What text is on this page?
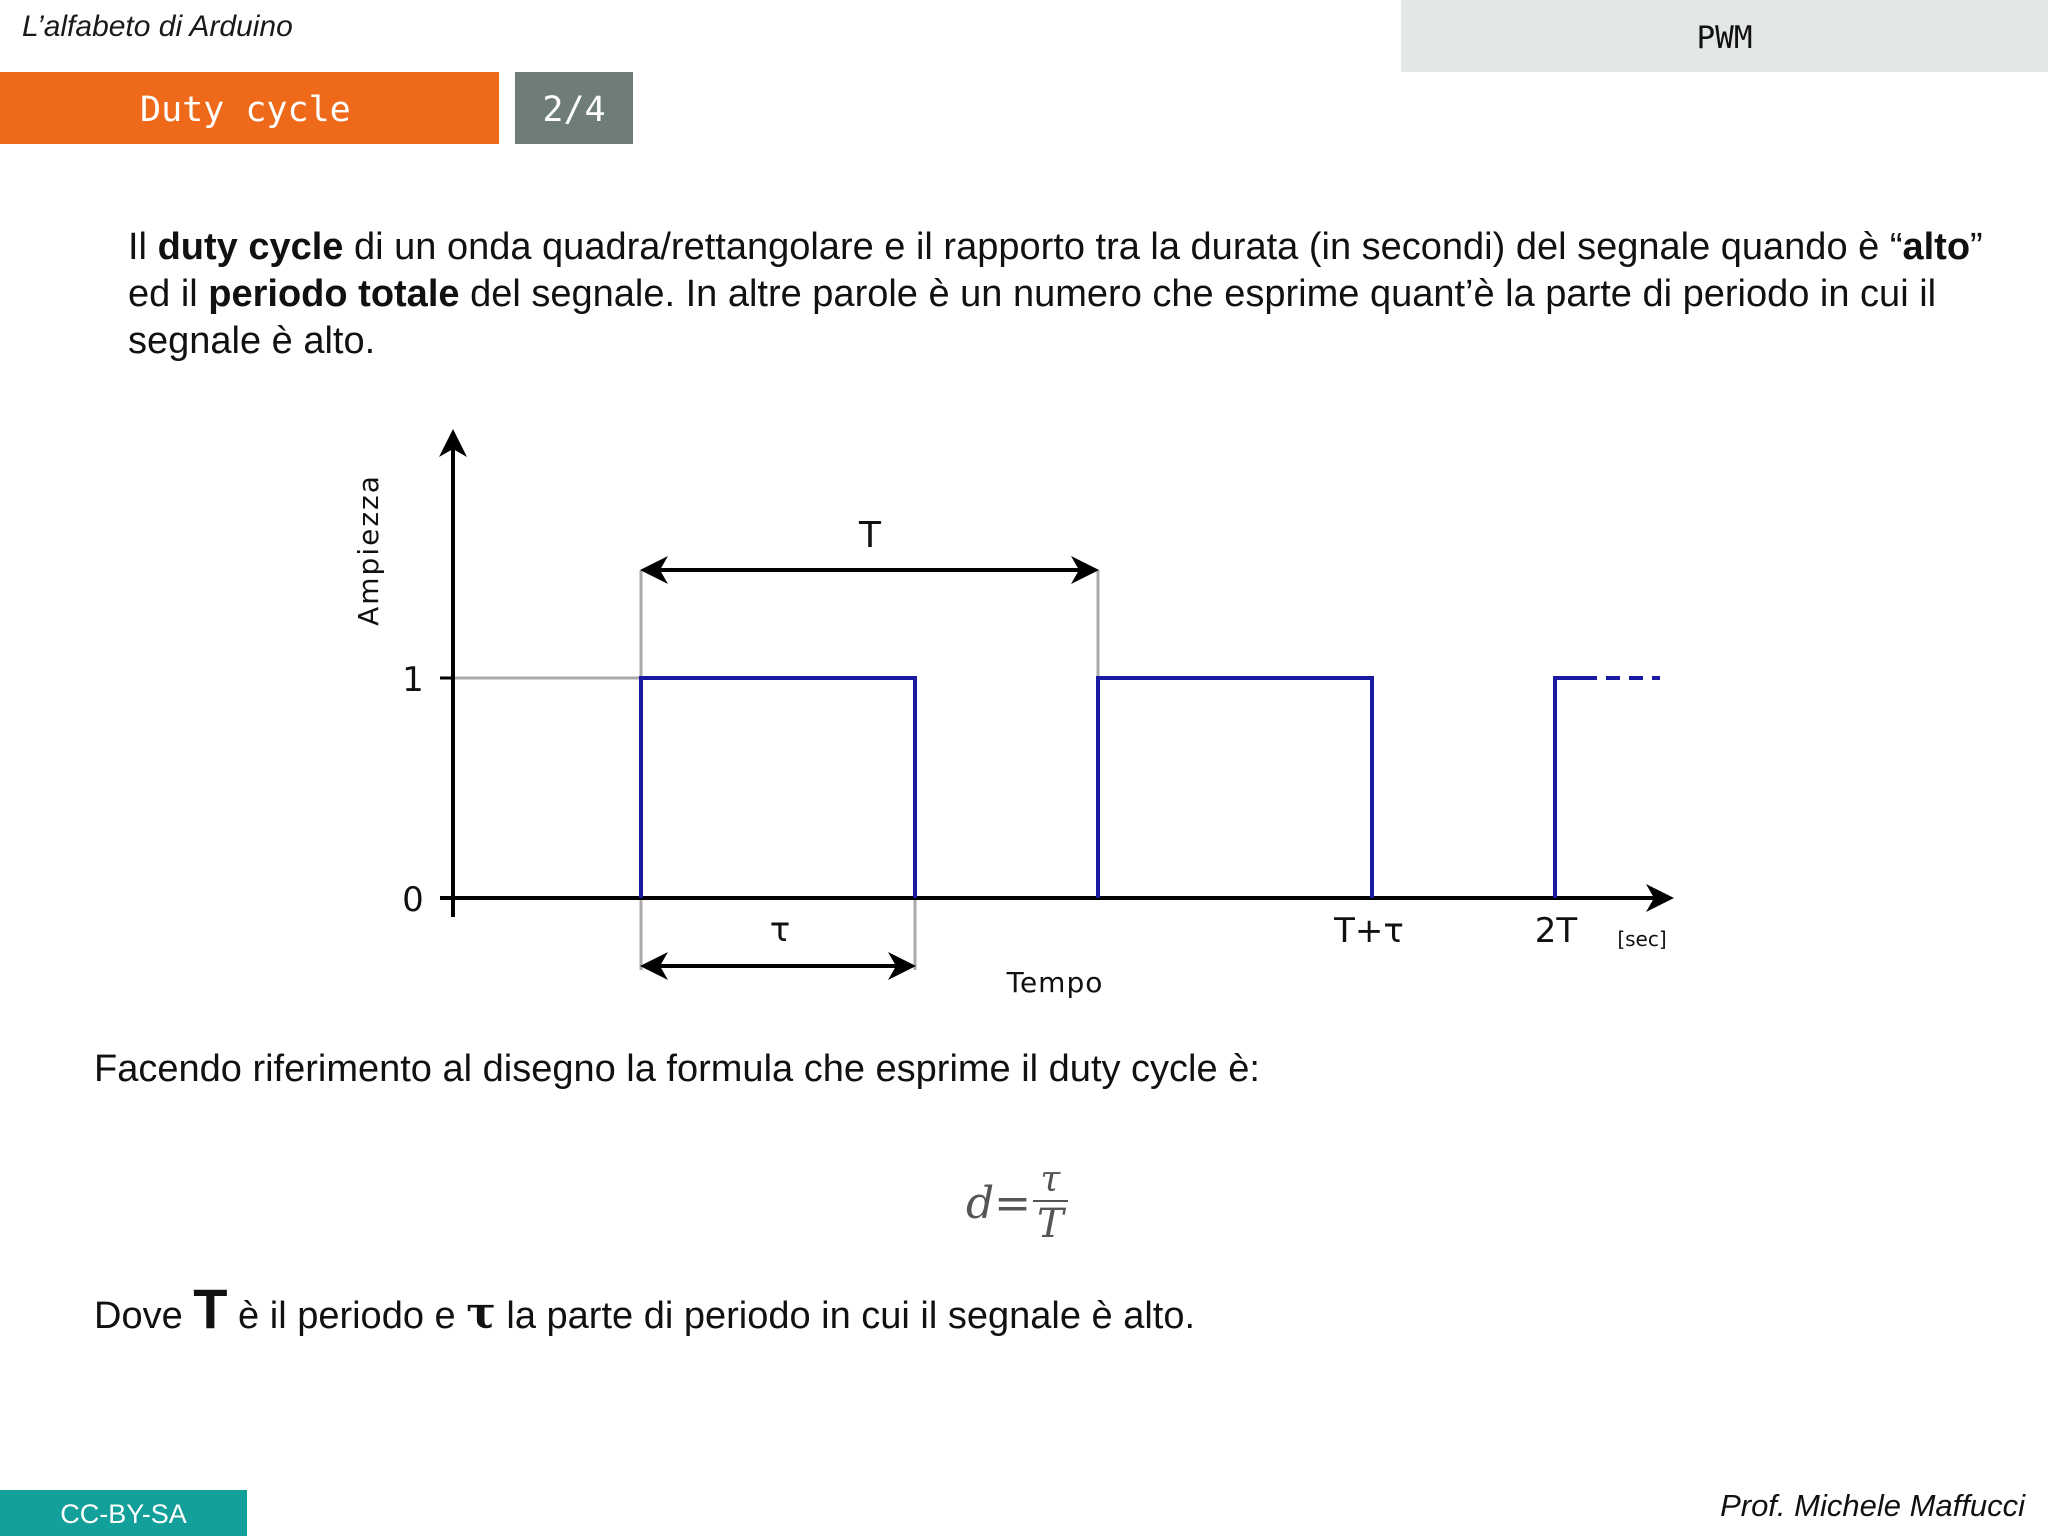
L’alfabeto di Arduino	PWM
Duty cycle	2/4
Il duty cycle di un onda quadra/rettangolare e il rapporto tra la durata (in secondi) del segnale quando è “alto” ed il periodo totale del segnale. In altre parole è un numero che esprime quant’è la parte di periodo in cui il segnale è alto.
T
τ
1
0
Ampiezza
T+τ	2T [sec]
Tempo
Facendo riferimento al disegno la formula che esprime il duty cycle è:
$d= \frac{\tau}{T}$
Dove T è il periodo e τ la parte di periodo in cui il segnale è alto.
CC-BY-SA	Prof. Michele Maffucci
